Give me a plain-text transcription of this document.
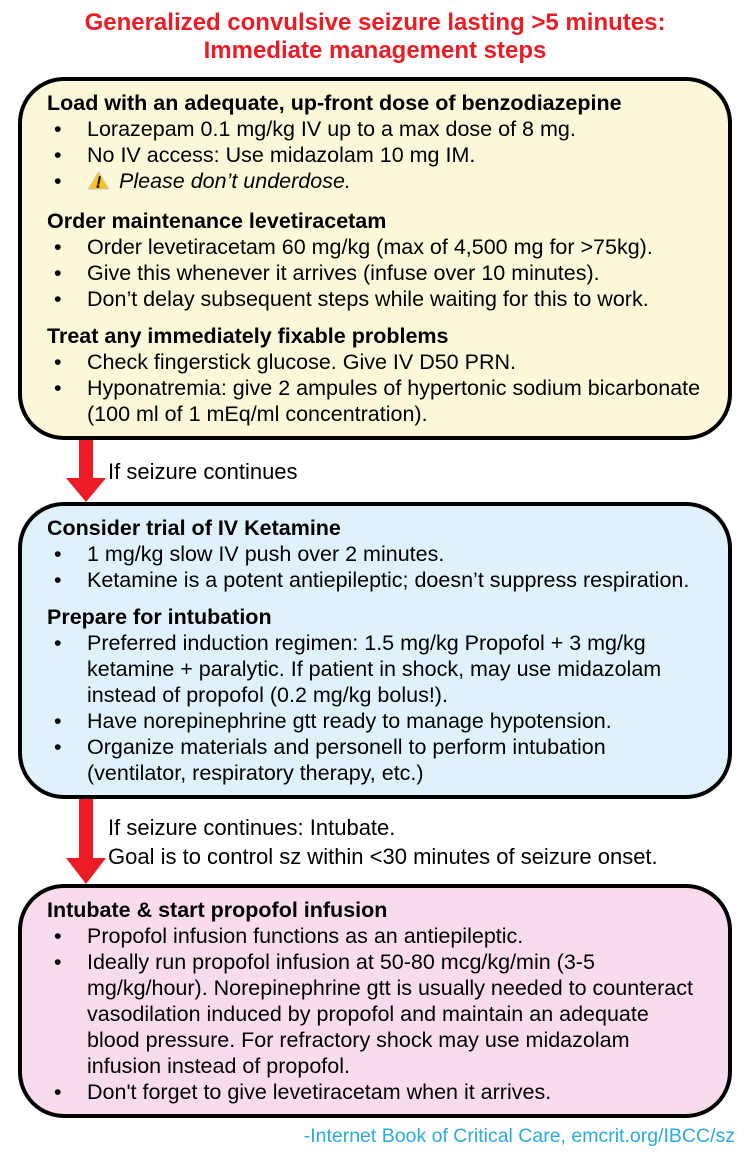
Generalized convulsive seizure lasting >5 minutes:
Immediate management steps
Load with an adequate, up-front dose of benzodiazepine
•	Lorazepam 0.1 mg/kg IV up to a max dose of 8 mg.
•	No IV access: Use midazolam 10 mg IM.
•	Please don’t underdose.
Order maintenance levetiracetam
•	Order levetiracetam 60 mg/kg (max of 4,500 mg for >75kg).
•	Give this whenever it arrives (infuse over 10 minutes).
•	Don’t delay subsequent steps while waiting for this to work.
Treat any immediately fixable problems
•	Check fingerstick glucose. Give IV D50 PRN.
•	Hyponatremia: give 2 ampules of hypertonic sodium bicarbonate (100 ml of 1 mEq/ml concentration).
If seizure continues
Consider trial of IV Ketamine
•	1 mg/kg slow IV push over 2 minutes.
•	Ketamine is a potent antiepileptic; doesn’t suppress respiration.
Prepare for intubation
•	Preferred induction regimen: 1.5 mg/kg Propofol + 3 mg/kg ketamine + paralytic. If patient in shock, may use midazolam instead of propofol (0.2 mg/kg bolus!).
•	Have norepinephrine gtt ready to manage hypotension.
•	Organize materials and personell to perform intubation (ventilator, respiratory therapy, etc.)
If seizure continues: Intubate.
Goal is to control sz within <30 minutes of seizure onset.
Intubate & start propofol infusion
•	Propofol infusion functions as an antiepileptic.
•	Ideally run propofol infusion at 50-80 mcg/kg/min (3-5 mg/kg/hour). Norepinephrine gtt is usually needed to counteract vasodilation induced by propofol and maintain an adequate blood pressure. For refractory shock may use midazolam infusion instead of propofol.
•	Don't forget to give levetiracetam when it arrives.
-Internet Book of Critical Care, emcrit.org/IBCC/sz
